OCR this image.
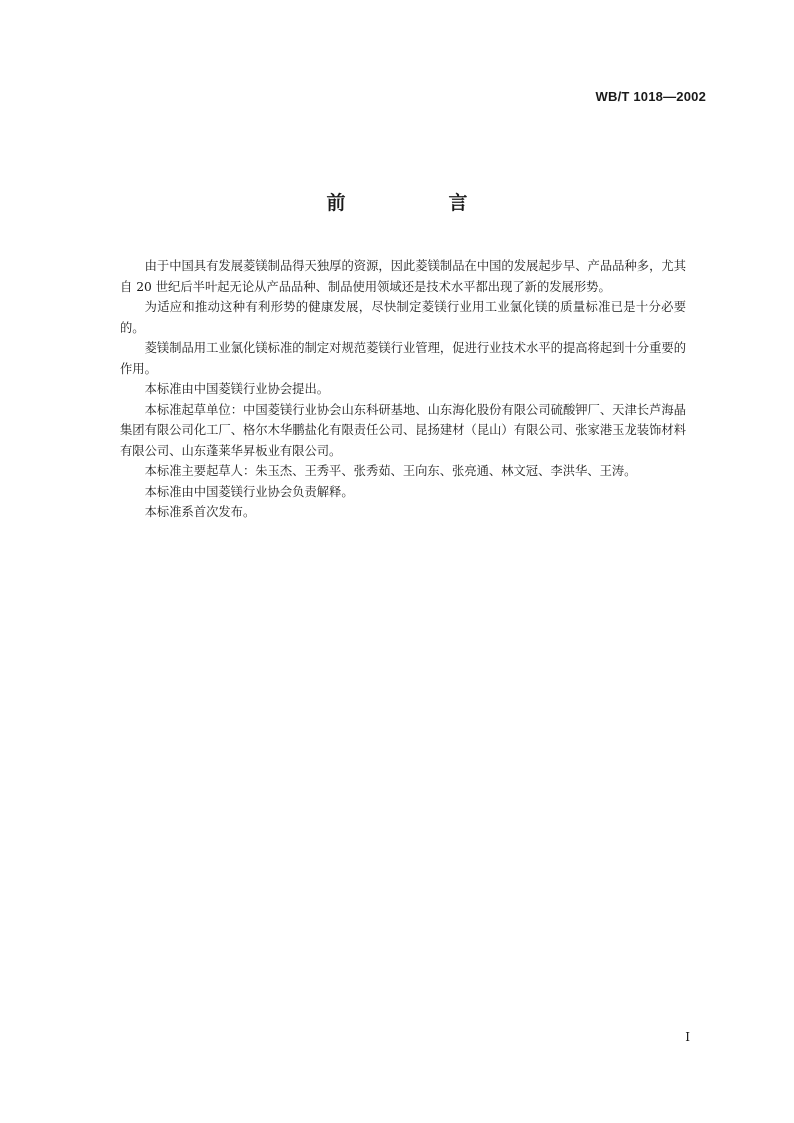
WB/T 1018—2002
前　言

由于中国具有发展菱镁制品得天独厚的资源，因此菱镁制品在中国的发展起步早、产品品种多，尤其自 20 世纪后半叶起无论从产品品种、制品使用领域还是技术水平都出现了新的发展形势。

为适应和推动这种有利形势的健康发展，尽快制定菱镁行业用工业氯化镁的质量标准已是十分必要的。

菱镁制品用工业氯化镁标准的制定对规范菱镁行业管理，促进行业技术水平的提高将起到十分重要的作用。

本标准由中国菱镁行业协会提出。

本标准起草单位：中国菱镁行业协会山东科研基地、山东海化股份有限公司硫酸钾厂、天津长芦海晶集团有限公司化工厂、格尔木华鹏盐化有限责任公司、昆扬建材（昆山）有限公司、张家港玉龙装饰材料有限公司、山东蓬莱华昇板业有限公司。

本标准主要起草人：朱玉杰、王秀平、张秀茹、王向东、张亮通、林文冠、李洪华、王涛。

本标准由中国菱镁行业协会负责解释。

本标准系首次发布。

I
